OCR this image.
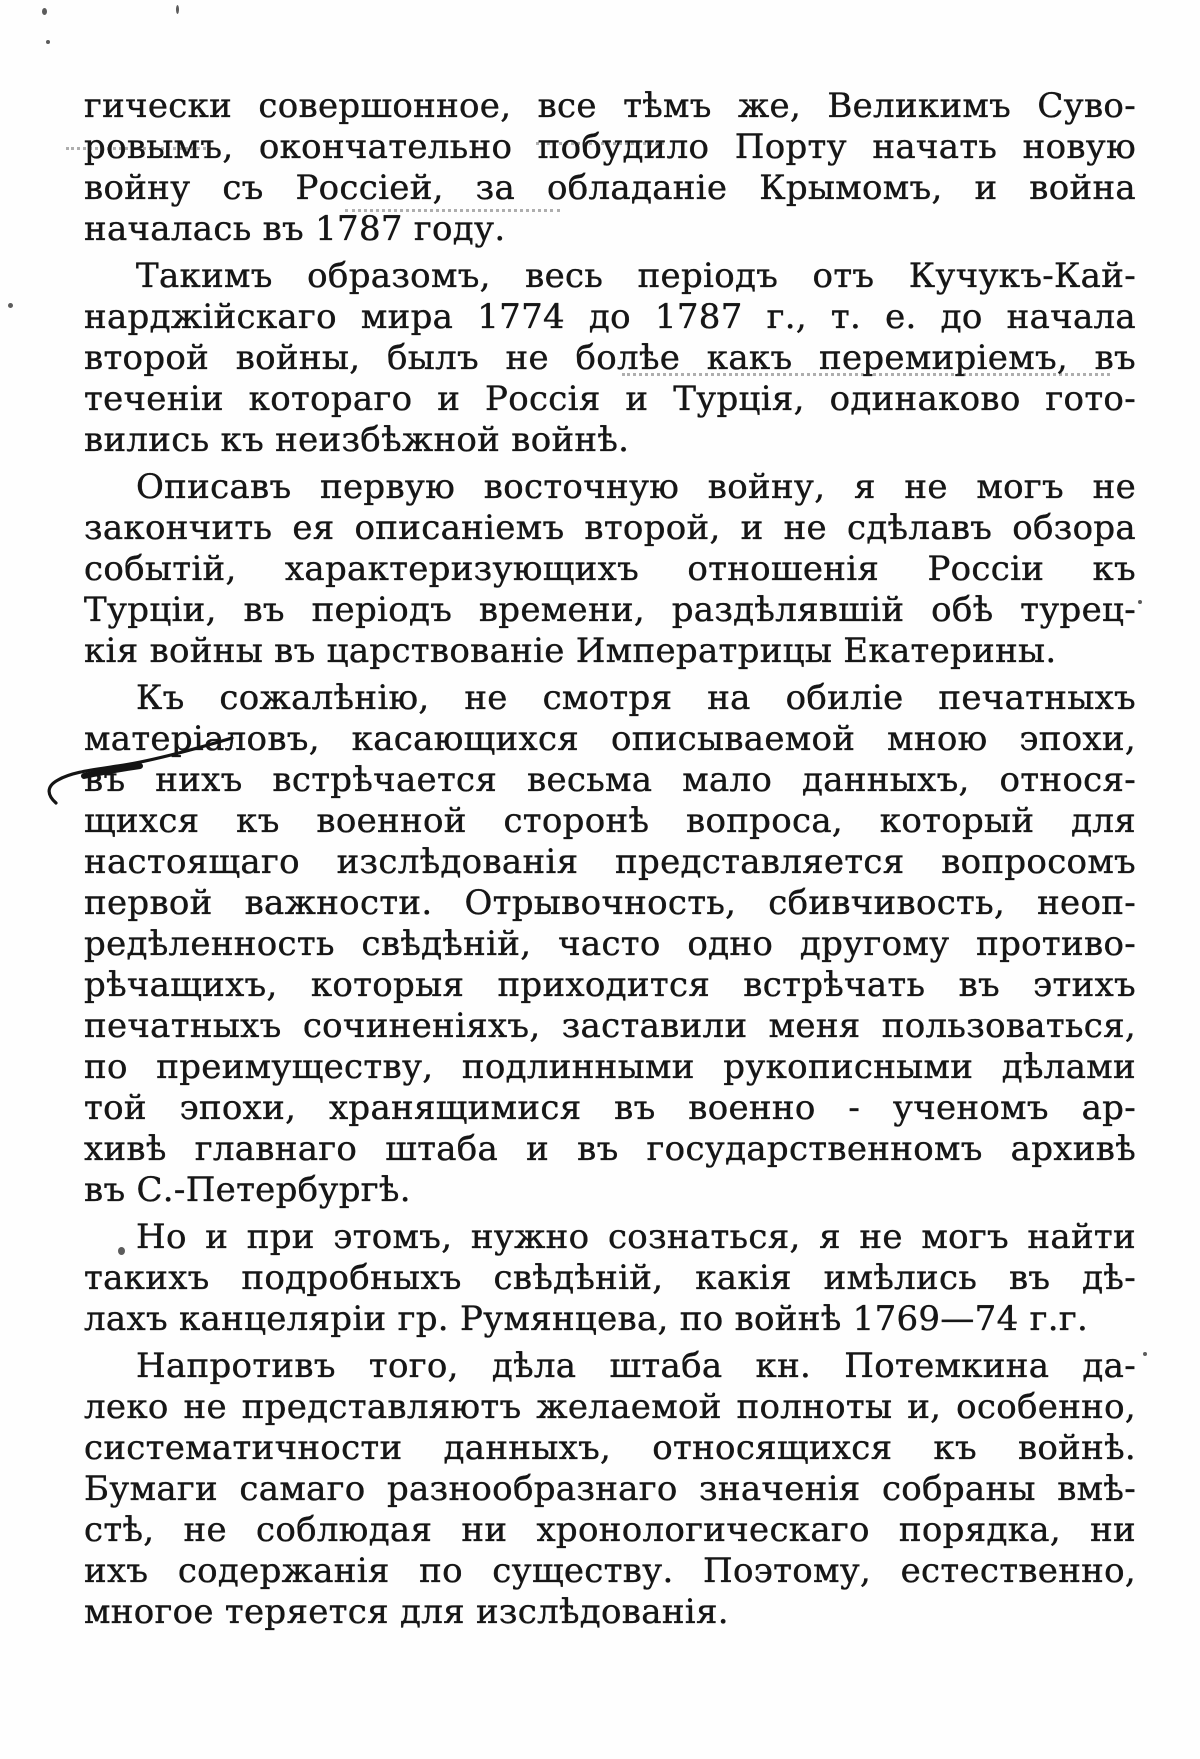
гически совершонное, все тѣмъ же, Великимъ Суво-
ровымъ, окончательно побудило Порту начать новую
войну съ Россіей, за обладаніе Крымомъ, и война
началась въ 1787 году.
Такимъ образомъ, весь періодъ отъ Кучукъ-Кай-
нарджійскаго мира 1774 до 1787 г., т. е. до начала
второй войны, былъ не болѣе какъ перемиріемъ, въ
теченіи котораго и Россія и Турція, одинаково гото-
вились къ неизбѣжной войнѣ.
Описавъ первую восточную войну, я не могъ не
закончить ея описаніемъ второй, и не сдѣлавъ обзора
событій, характеризующихъ отношенія Россіи къ
Турціи, въ періодъ времени, раздѣлявшій обѣ турец-
кія войны въ царствованіе Императрицы Екатерины.
Къ сожалѣнію, не смотря на обиліе печатныхъ
матеріаловъ, касающихся описываемой мною эпохи,
въ нихъ встрѣчается весьма мало данныхъ, относя-
щихся къ военной сторонѣ вопроса, который для
настоящаго изслѣдованія представляется вопросомъ
первой важности. Отрывочность, сбивчивость, неоп-
редѣленность свѣдѣній, часто одно другому противо-
рѣчащихъ, которыя приходится встрѣчать въ этихъ
печатныхъ сочиненіяхъ, заставили меня пользоваться,
по преимуществу, подлинными рукописными дѣлами
той эпохи, хранящимися въ военно - ученомъ ар-
хивѣ главнаго штаба и въ государственномъ архивѣ
въ С.-Петербургѣ.
Но и при этомъ, нужно сознаться, я не могъ найти
такихъ подробныхъ свѣдѣній, какія имѣлись въ дѣ-
лахъ канцеляріи гр. Румянцева, по войнѣ 1769—74 г.г.
Напротивъ того, дѣла штаба кн. Потемкина да-
леко не представляютъ желаемой полноты и, особенно,
систематичности данныхъ, относящихся къ войнѣ.
Бумаги самаго разнообразнаго значенія собраны вмѣ-
стѣ, не соблюдая ни хронологическаго порядка, ни
ихъ содержанія по существу. Поэтому, естественно,
многое теряется для изслѣдованія.
